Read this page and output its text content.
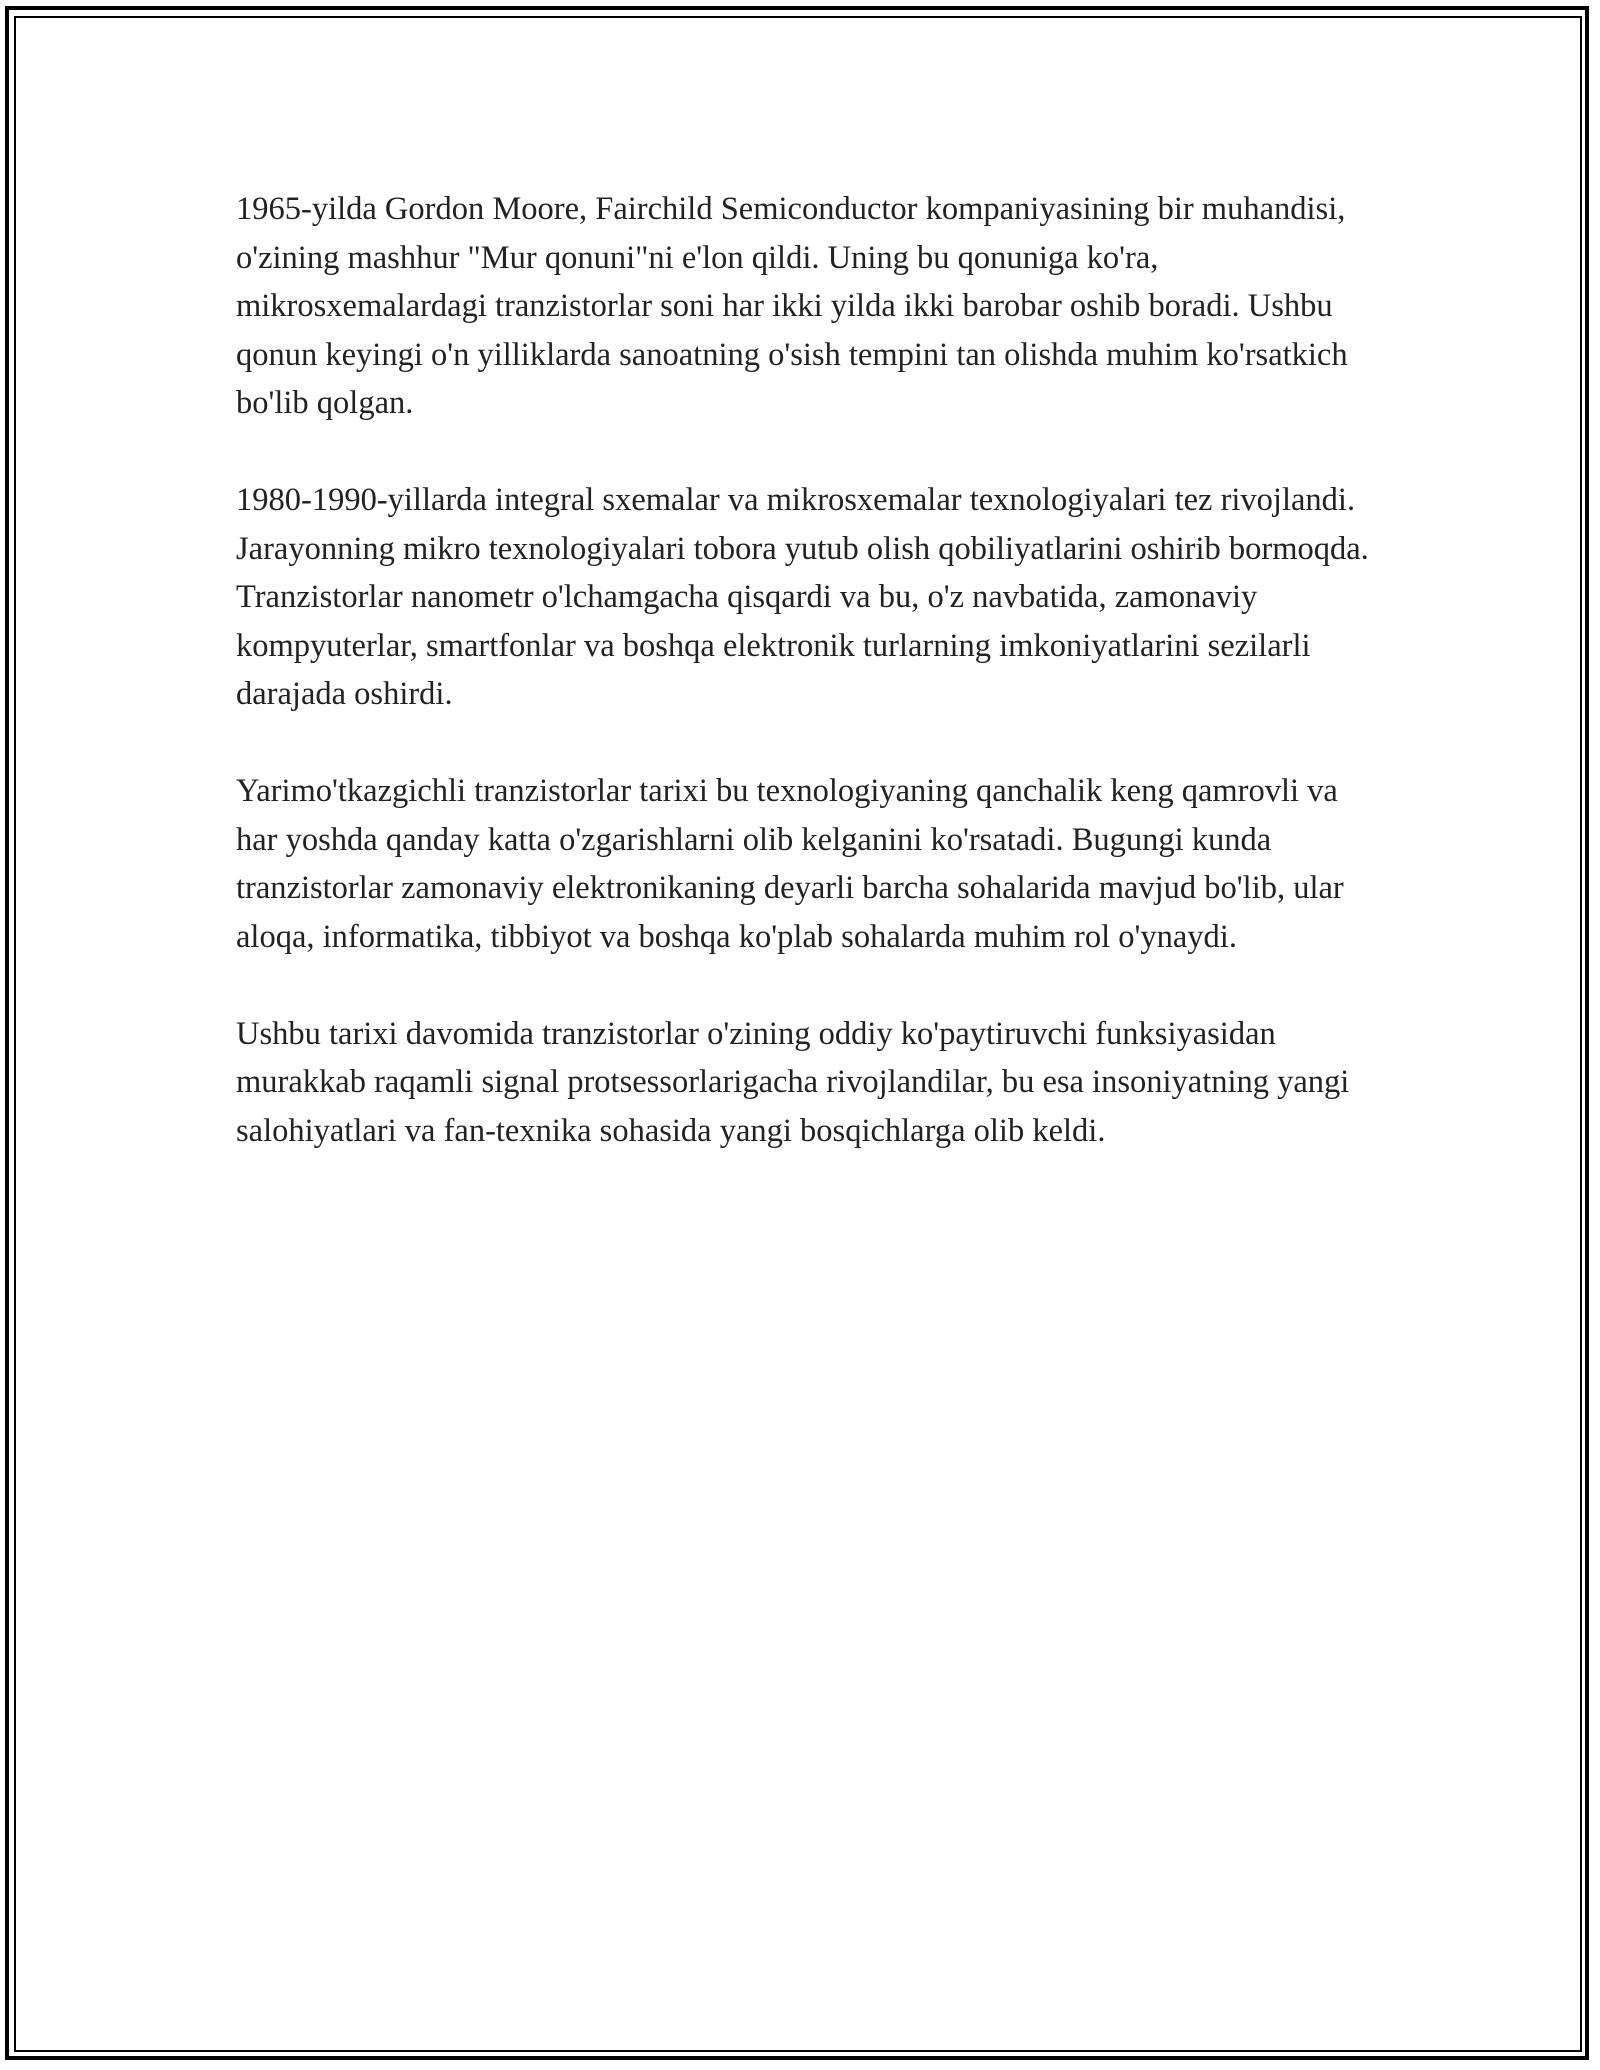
1965-yilda Gordon Moore, Fairchild Semiconductor kompaniyasining bir muhandisi, o'zining mashhur "Mur qonuni"ni e'lon qildi. Uning bu qonuniga ko'ra, mikrosxemalardagi tranzistorlar soni har ikki yilda ikki barobar oshib boradi. Ushbu qonun keyingi o'n yilliklarda sanoatning o'sish tempini tan olishda muhim ko'rsatkich bo'lib qolgan.

1980-1990-yillarda integral sxemalar va mikrosxemalar texnologiyalari tez rivojlandi. Jarayonning mikro texnologiyalari tobora yutub olish qobiliyatlarini oshirib bormoqda. Tranzistorlar nanometr o'lchamgacha qisqardi va bu, o'z navbatida, zamonaviy kompyuterlar, smartfonlar va boshqa elektronik turlarning imkoniyatlarini sezilarli darajada oshirdi.

Yarimo'tkazgichli tranzistorlar tarixi bu texnologiyaning qanchalik keng qamrovli va har yoshda qanday katta o'zgarishlarni olib kelganini ko'rsatadi. Bugungi kunda tranzistorlar zamonaviy elektronikaning deyarli barcha sohalarida mavjud bo'lib, ular aloqa, informatika, tibbiyot va boshqa ko'plab sohalarda muhim rol o'ynaydi.

Ushbu tarixi davomida tranzistorlar o'zining oddiy ko'paytiruvchi funksiyasidan murakkab raqamli signal protsessorlarigacha rivojlandilar, bu esa insoniyatning yangi salohiyatlari va fan-texnika sohasida yangi bosqichlarga olib keldi.
